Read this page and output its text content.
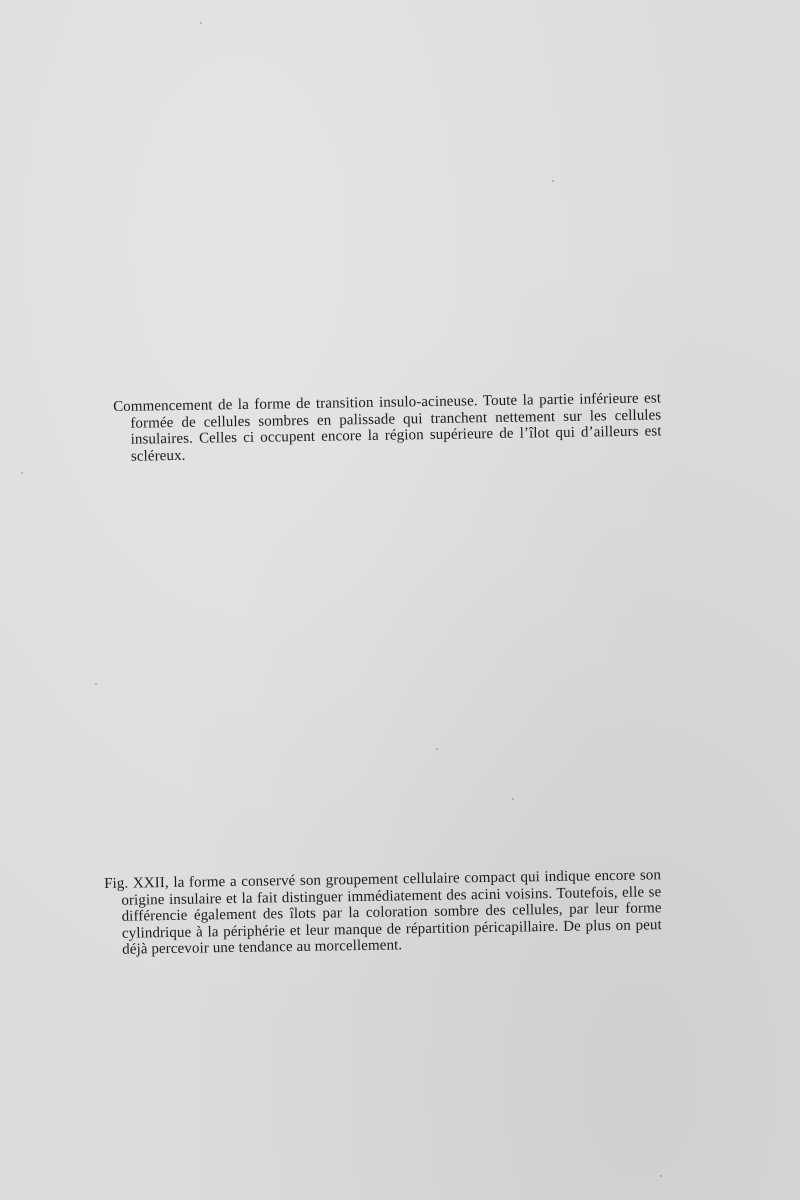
Commencement de la forme de transition insulo-acineuse. Toute la partie inférieure est formée de cellules sombres en palissade qui tranchent nettement sur les cellules insulaires. Celles ci occupent encore la région supérieure de l’îlot qui d’ailleurs est scléreux.

Fig. XXII, la forme a conservé son groupement cellulaire compact qui indique encore son origine insulaire et la fait distinguer immédiatement des acini voisins. Toutefois, elle se différencie également des îlots par la coloration sombre des cellules, par leur forme cylindrique à la périphérie et leur manque de répartition péricapillaire. De plus on peut déjà percevoir une tendance au morcellement.
